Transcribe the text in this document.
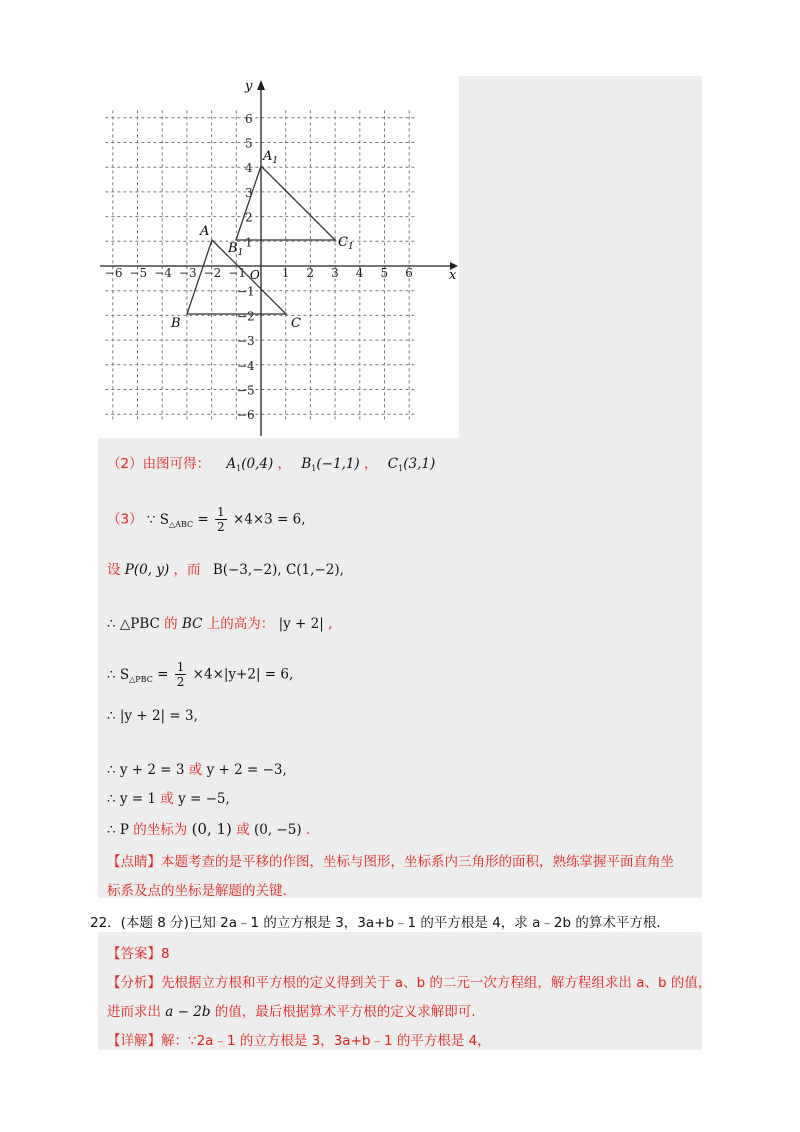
−6 −5 −4 −3 −2 −1	1 2 3 4 5 6
6
5
4
3
2
1
−1
−2
−3
−4
−5
−6
x
y
O
A
B	C
$A_1$
$B_1$
$C_1$
（2）由图可得： $A_1(0,4)$ ， $B_1(-1,1)$ ， $C_1(3,1)$
（3） ∵ $S_{\triangle ABC} = \frac{1}{2} \times 4\times 3 = 6$,
设 P(0, y) ，而 B(−3,−2), C(1,−2),
∴ △PBC 的 BC 上的高为： |y + 2| ,
∴ $S_{\triangle PBC} = \frac{1}{2} \times 4\times|y+2| = 6$,
∴ |y + 2| = 3,
∴ y + 2 = 3 或 y + 2 = −3,
∴ y = 1 或 y = −5,
∴ P 的坐标为 (0, 1) 或 (0, −5) .
【点睛】本题考查的是平移的作图，坐标与图形，坐标系内三角形的面积，熟练掌握平面直角坐
标系及点的坐标是解题的关键.
22．(本题 8 分)已知 2a﹣1 的立方根是 3，3a+b﹣1 的平方根是 4，求 a﹣2b 的算术平方根.
【答案】8
【分析】先根据立方根和平方根的定义得到关于 a、b 的二元一次方程组，解方程组求出 a、b 的值，
进而求出 a − 2b 的值，最后根据算术平方根的定义求解即可.
【详解】解：∵2a﹣1 的立方根是 3，3a+b﹣1 的平方根是 4，
